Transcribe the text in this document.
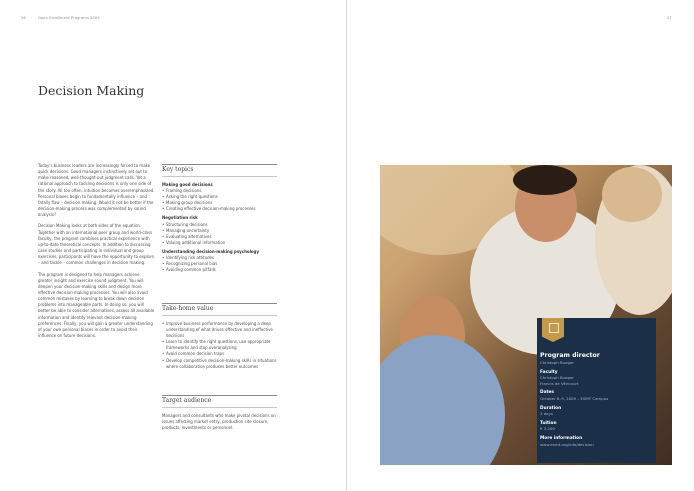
26	Open Enrollment Programs 2009	27
Decision Making

Today's business leaders are increasingly forced to make quick decisions. Good managers instinctively set out to make reasoned, well-thought-out judgment calls. Yet a rational approach to tackling decisions is only one side of the story. All too often, intuition becomes overemphasized. Personal biases begin to fundamentally influence – and fatally flaw – decision making. Would it not be better if the decision-making process was complemented by sound analysis?

Decision Making looks at both sides of the equation. Together with an international peer group and world-class faculty, the program combines practical experience with up-to-date theoretical concepts. In addition to discussing case studies and participating in individual and group exercises, participants will have the opportunity to explore – and tackle – common challenges in decision making.

The program is designed to help managers achieve greater insight and exercise sound judgment. You will deepen your decision-making skills and design more effective decision-making processes. You will also avoid common mistakes by learning to break down decision problems into manageable parts. In doing so, you will better be able to consider alternatives, assess all available information and identify relevant decision-making preferences. Finally, you will gain a greater understanding of your own personal biases in order to avoid their influence on future decisions.

Key topics
Making good decisions
• Framing decisions
• Asking the right questions
• Making group decisions
• Creating effective decision-making processes
Negotiation risk
• Structuring decisions
• Managing uncertainty
• Evaluating alternatives
• Valuing additional information
Understanding decision-making psychology
• Identifying risk attitudes
• Recognizing personal bias
• Avoiding common pitfalls
Take-home value
• Improve business performance by developing a deep understanding of what drives effective and ineffective decisions
• Learn to identify the right questions, use appropriate frameworks and stop overanalyzing
• Avoid common decision traps
• Develop competitive decision-making skills in situations where collaboration produces better outcomes
Target audience
Managers and consultants who make pivotal decisions on issues affecting market entry, production site closure, products, investments or personnel.
Program director
Christoph Bueger
Faculty
Christoph Bueger
Francis de Véricourt
Dates
October 6–9, 2009 – ESMT Campus
Duration
3 days
Tuition
€ 3,200
More information
www.esmt.org/info/decision
